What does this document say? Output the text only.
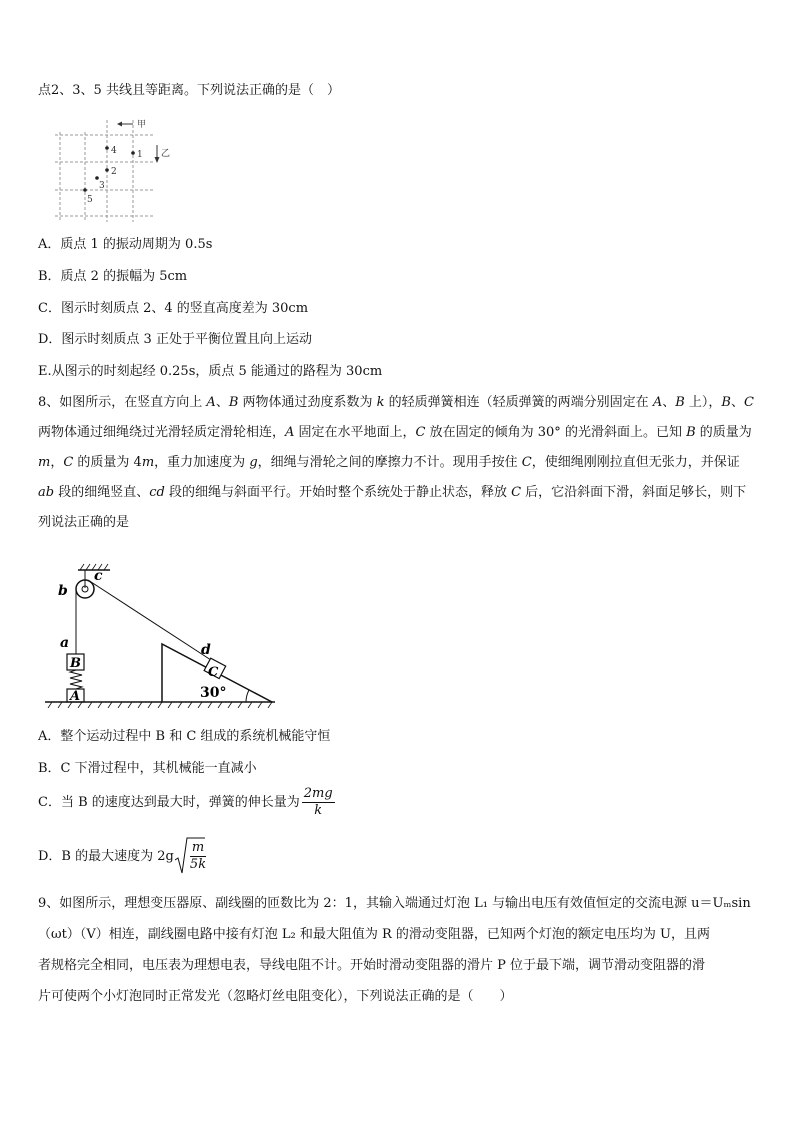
点2、3、5 共线且等距离。下列说法正确的是（　）
甲
乙
1
2
3
4
5
A．质点 1 的振动周期为 0.5s
B．质点 2 的振幅为 5cm
C．图示时刻质点 2、4 的竖直高度差为 30cm
D．图示时刻质点 3 正处于平衡位置且向上运动
E.从图示的时刻起经 0.25s，质点 5 能通过的路程为 30cm
8、如图所示，在竖直方向上 A、B 两物体通过劲度系数为 k 的轻质弹簧相连（轻质弹簧的两端分别固定在 A、B 上），B、C 两物体通过细绳绕过光滑轻质定滑轮相连，A 固定在水平地面上，C 放在固定的倾角为 30° 的光滑斜面上。已知 B 的质量为 m，C 的质量为 4m，重力加速度为 g，细绳与滑轮之间的摩擦力不计。现用手按住 C，使细绳刚刚拉直但无张力，并保证 ab 段的细绳竖直、cd 段的细绳与斜面平行。开始时整个系统处于静止状态，释放 C 后，它沿斜面下滑，斜面足够长，则下列说法正确的是
b
c
a	d
B
A
C
30°
A．整个运动过程中 B 和 C 组成的系统机械能守恒
B．C 下滑过程中，其机械能一直减小
C．当 B 的速度达到最大时，弹簧的伸长量为 $\frac{2mg}{k}$
D．B 的最大速度为 $2g \frac{m}{5k}$
9、如图所示，理想变压器原、副线圈的匝数比为 2：1，其输入端通过灯泡 L₁ 与输出电压有效值恒定的交流电源 u＝Uₘsin
（ωt）（V）相连，副线圈电路中接有灯泡 L₂ 和最大阻值为 R 的滑动变阻器，已知两个灯泡的额定电压均为 U，且两
者规格完全相同，电压表为理想电表，导线电阻不计。开始时滑动变阻器的滑片 P 位于最下端，调节滑动变阻器的滑
片可使两个小灯泡同时正常发光（忽略灯丝电阻变化），下列说法正确的是（　　）
